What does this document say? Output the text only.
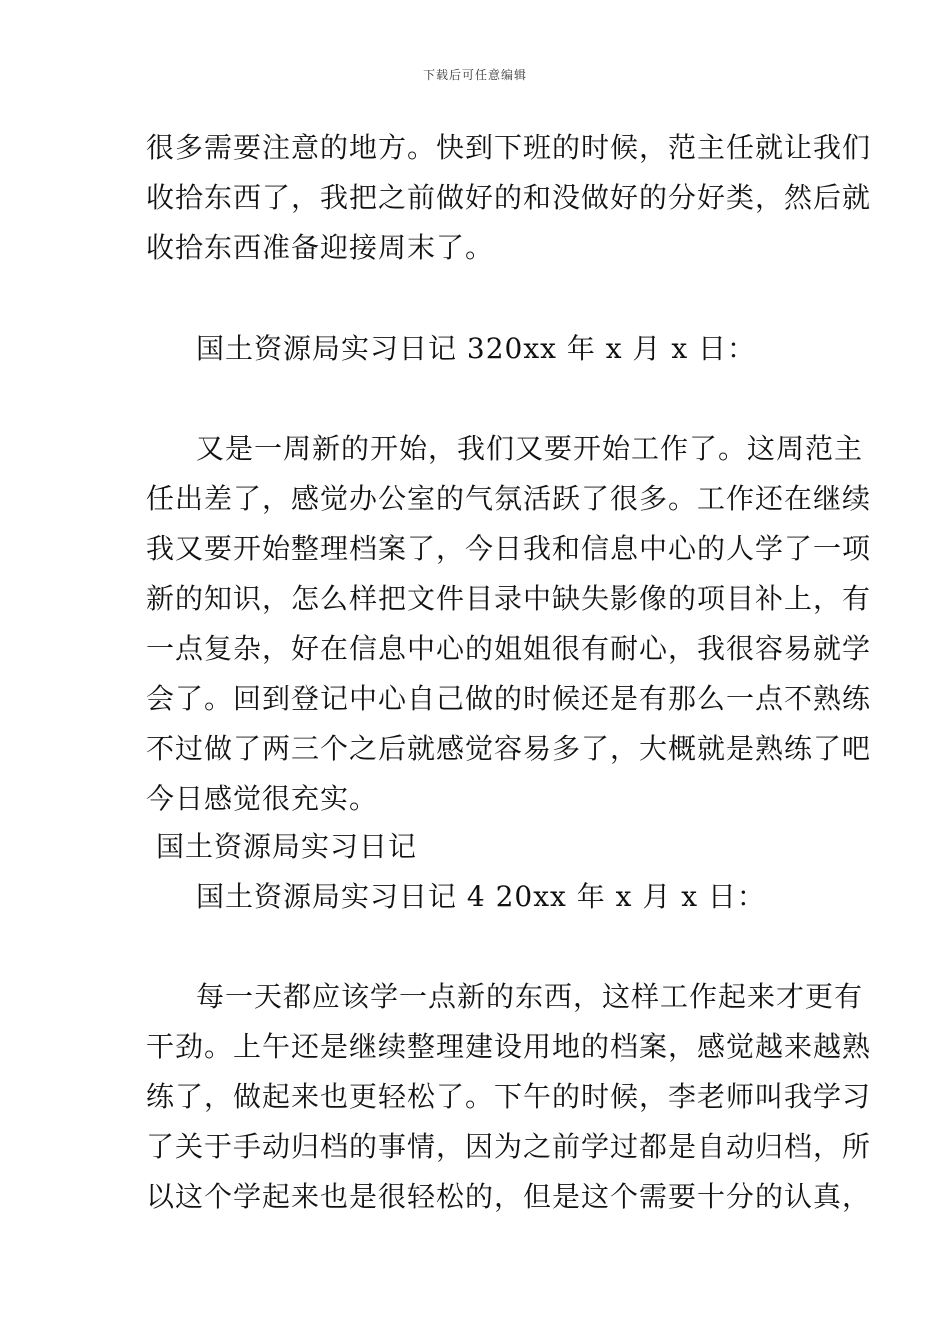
下载后可任意编辑
很多需要注意的地方。快到下班的时候，范主任就让我们
收拾东西了，我把之前做好的和没做好的分好类，然后就
收拾东西准备迎接周末了。
国土资源局实习日记 320xx 年 x 月 x 日：
又是一周新的开始，我们又要开始工作了。这周范主
任出差了，感觉办公室的气氛活跃了很多。工作还在继续
我又要开始整理档案了，今日我和信息中心的人学了一项
新的知识，怎么样把文件目录中缺失影像的项目补上，有
一点复杂，好在信息中心的姐姐很有耐心，我很容易就学
会了。回到登记中心自己做的时候还是有那么一点不熟练
不过做了两三个之后就感觉容易多了，大概就是熟练了吧
今日感觉很充实。
国土资源局实习日记
国土资源局实习日记 4 20xx 年 x 月 x 日：
每一天都应该学一点新的东西，这样工作起来才更有
干劲。上午还是继续整理建设用地的档案，感觉越来越熟
练了，做起来也更轻松了。下午的时候，李老师叫我学习
了关于手动归档的事情，因为之前学过都是自动归档，所
以这个学起来也是很轻松的，但是这个需要十分的认真，
